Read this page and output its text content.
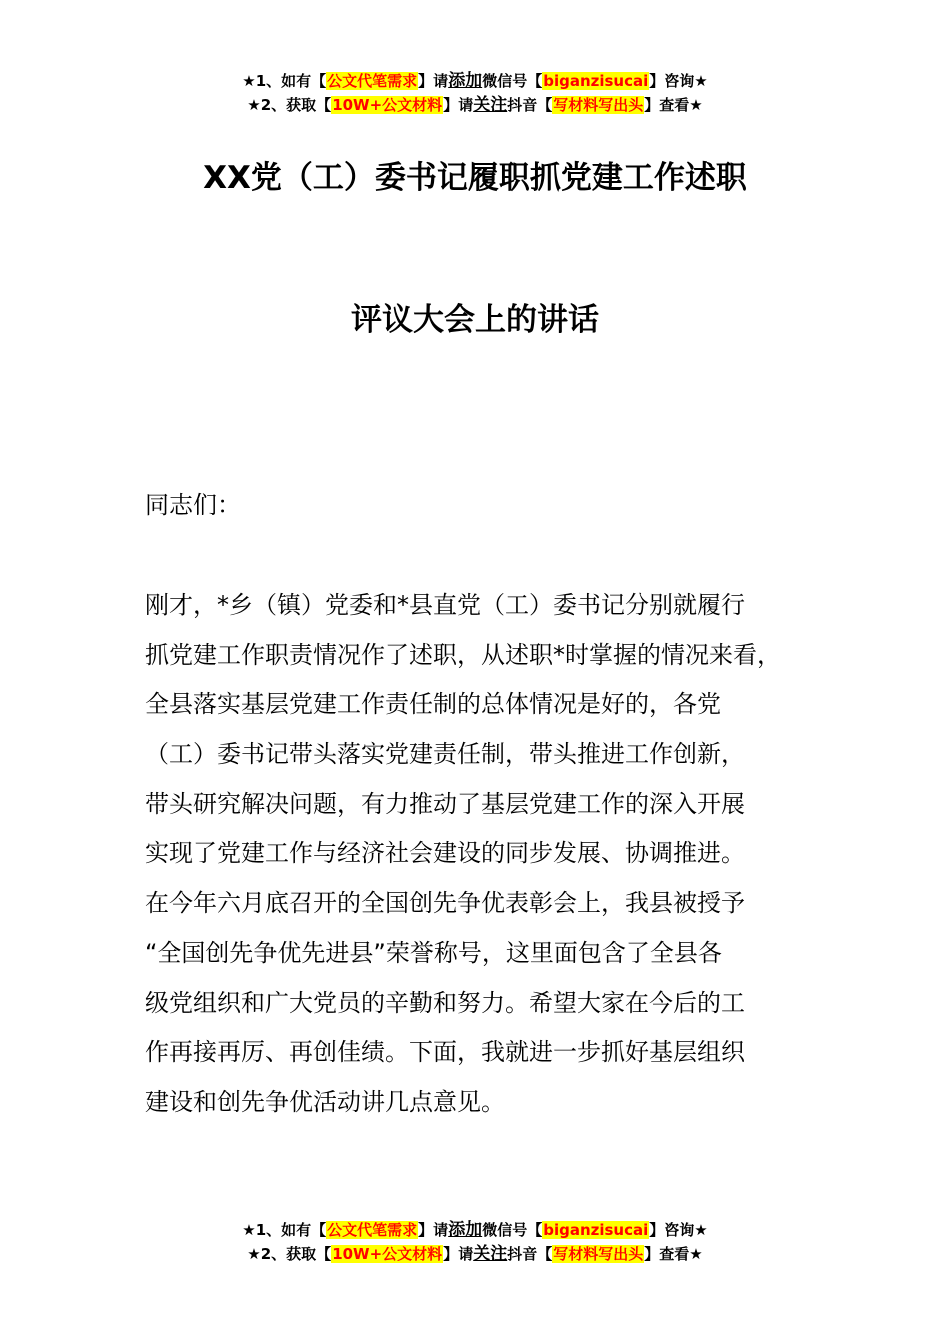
★1、如有【公文代笔需求】请添加微信号【biganzisucai】咨询★
★2、获取【10W+公文材料】请关注抖音【写材料写出头】查看★
XX党（工）委书记履职抓党建工作述职
评议大会上的讲话
同志们：
刚才，*乡（镇）党委和*县直党（工）委书记分别就履行
抓党建工作职责情况作了述职，从述职*时掌握的情况来看，
全县落实基层党建工作责任制的总体情况是好的，各党
（工）委书记带头落实党建责任制，带头推进工作创新，
带头研究解决问题，有力推动了基层党建工作的深入开展
实现了党建工作与经济社会建设的同步发展、协调推进。
在今年六月底召开的全国创先争优表彰会上，我县被授予
“全国创先争优先进县”荣誉称号，这里面包含了全县各
级党组织和广大党员的辛勤和努力。希望大家在今后的工
作再接再厉、再创佳绩。下面，我就进一步抓好基层组织
建设和创先争优活动讲几点意见。
★1、如有【公文代笔需求】请添加微信号【biganzisucai】咨询★
★2、获取【10W+公文材料】请关注抖音【写材料写出头】查看★
